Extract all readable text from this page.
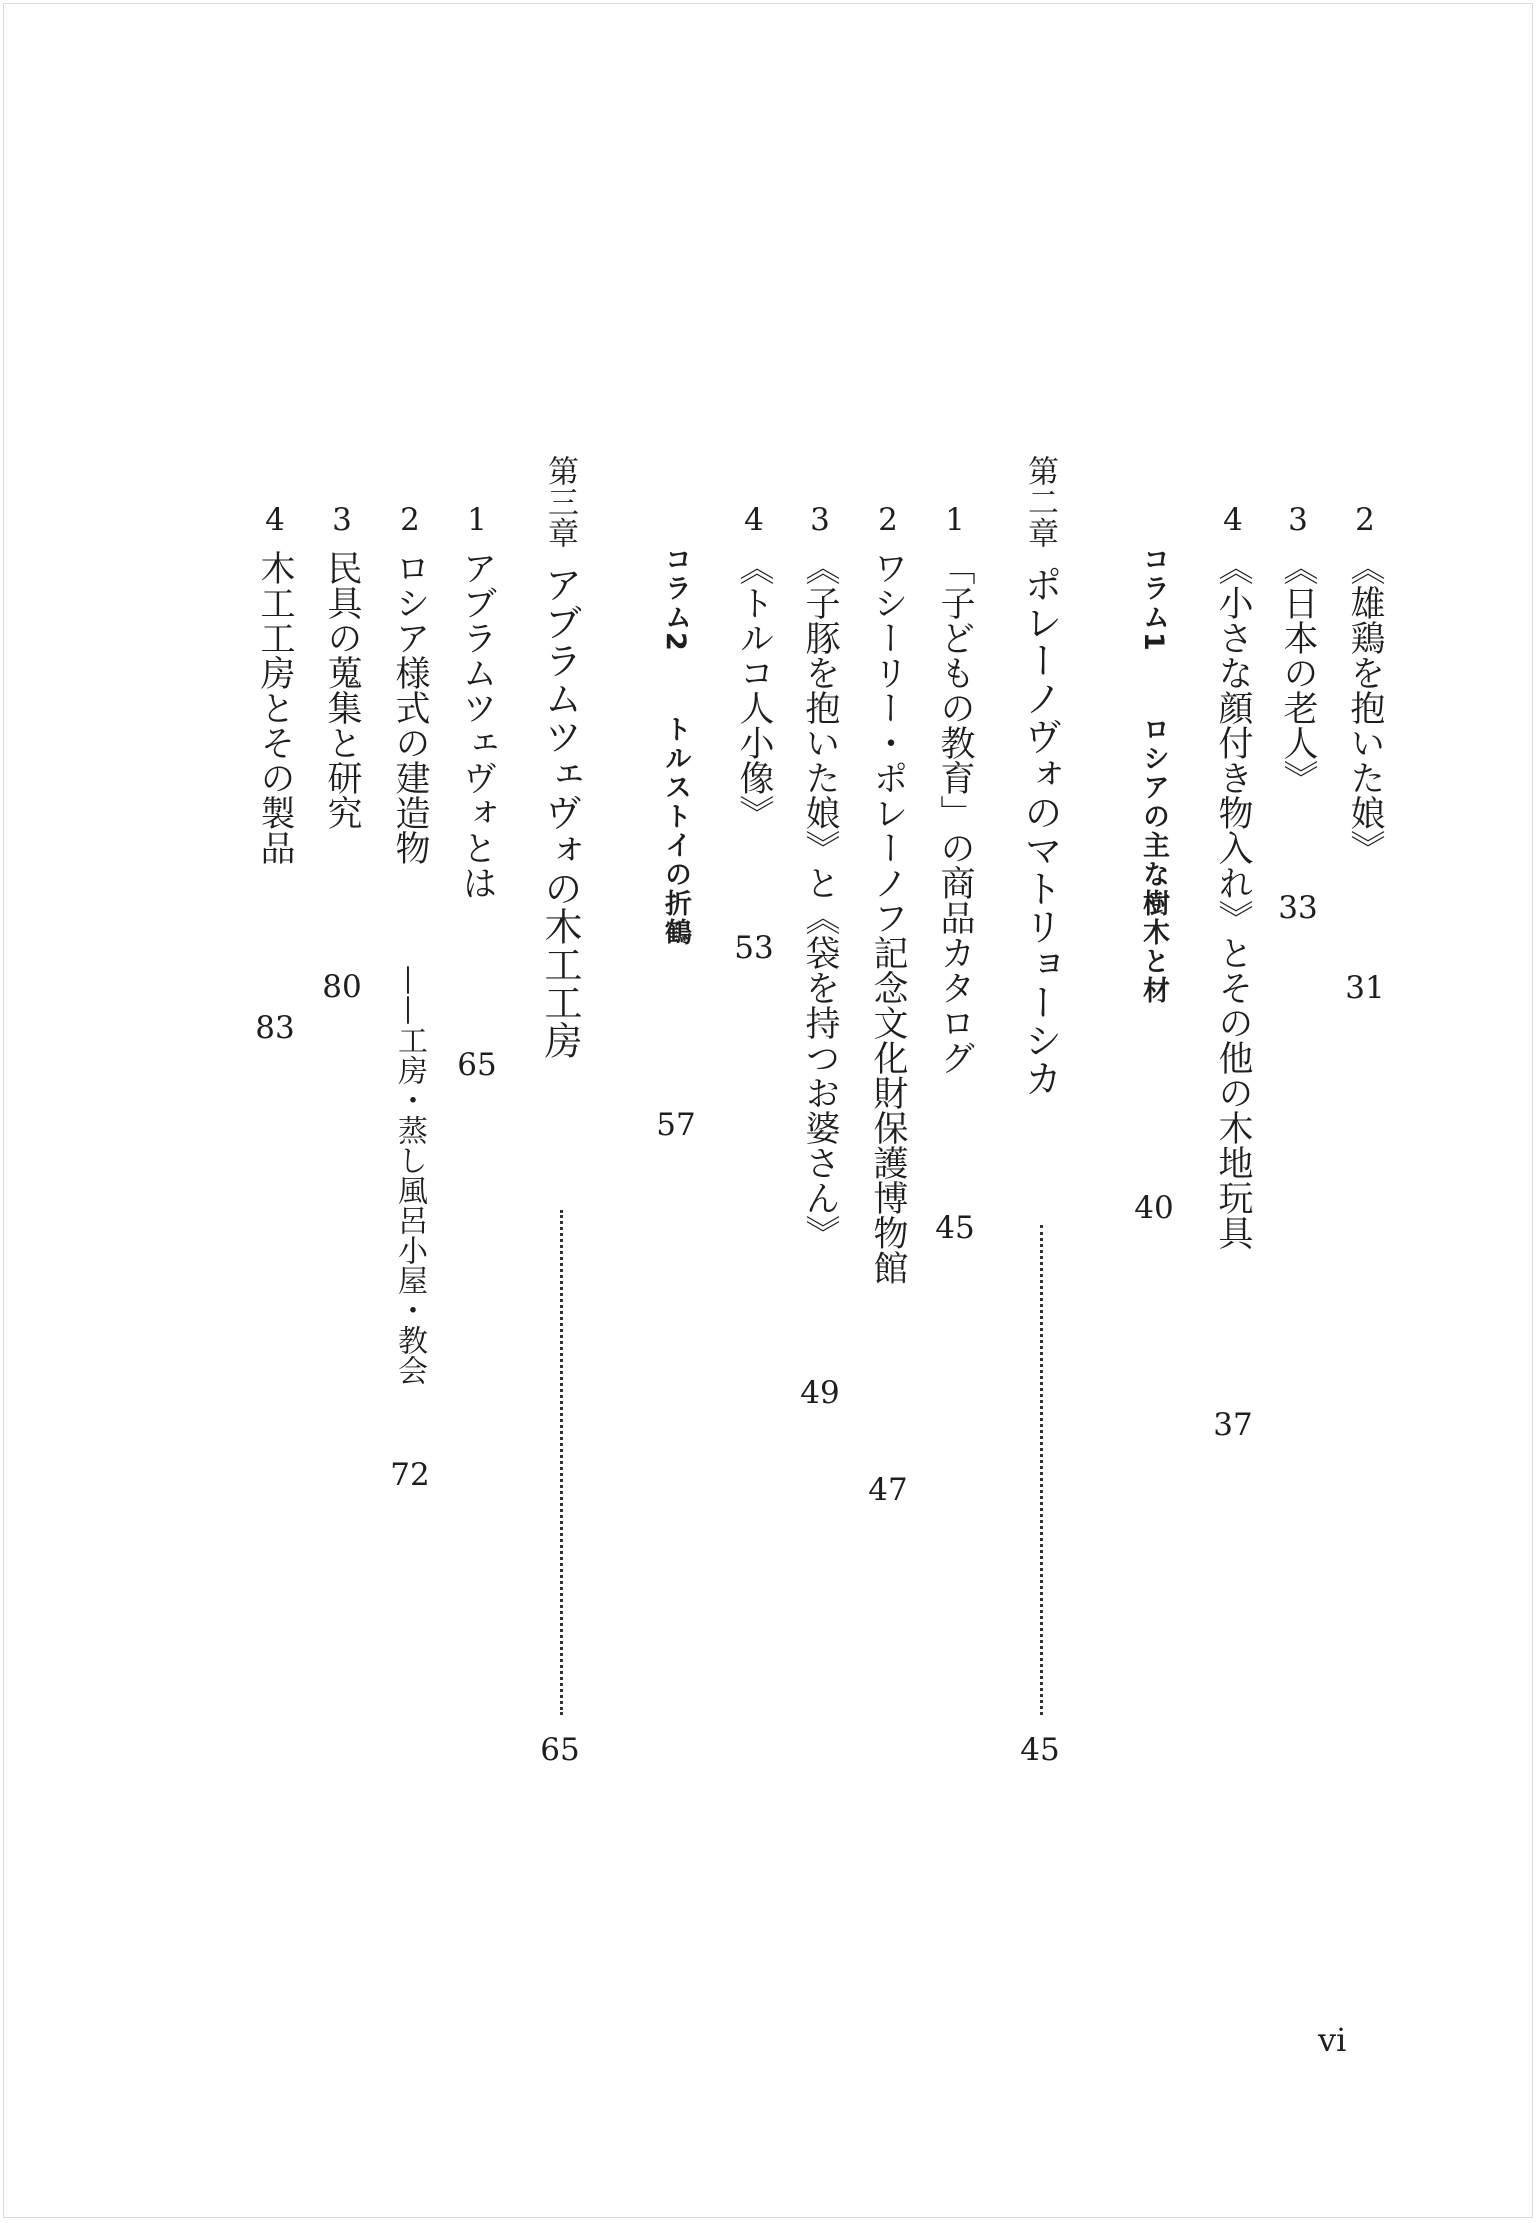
2
《雄鶏を抱いた娘》
31
3
《日本の老人》
33
4
《小さな顔付き物入れ》とその他の木地玩具
37
コラム1
ロシアの主な樹木と材
40
第二章
ポレーノヴォのマトリョーシカ
45
1
「子どもの教育」の商品カタログ
45
2
ワシーリー・ポレーノフ記念文化財保護博物館
47
3
《子豚を抱いた娘》と《袋を持つお婆さん》
49
4
《トルコ人小像》
53
コラム2
トルストイの折鶴
57
第三章
アブラムツェヴォの木工工房
65
1
アブラムツェヴォとは
65
2
ロシア様式の建造物
——工房・蒸し風呂小屋・教会
72
3
民具の蒐集と研究
80
4
木工工房とその製品
83
vi
